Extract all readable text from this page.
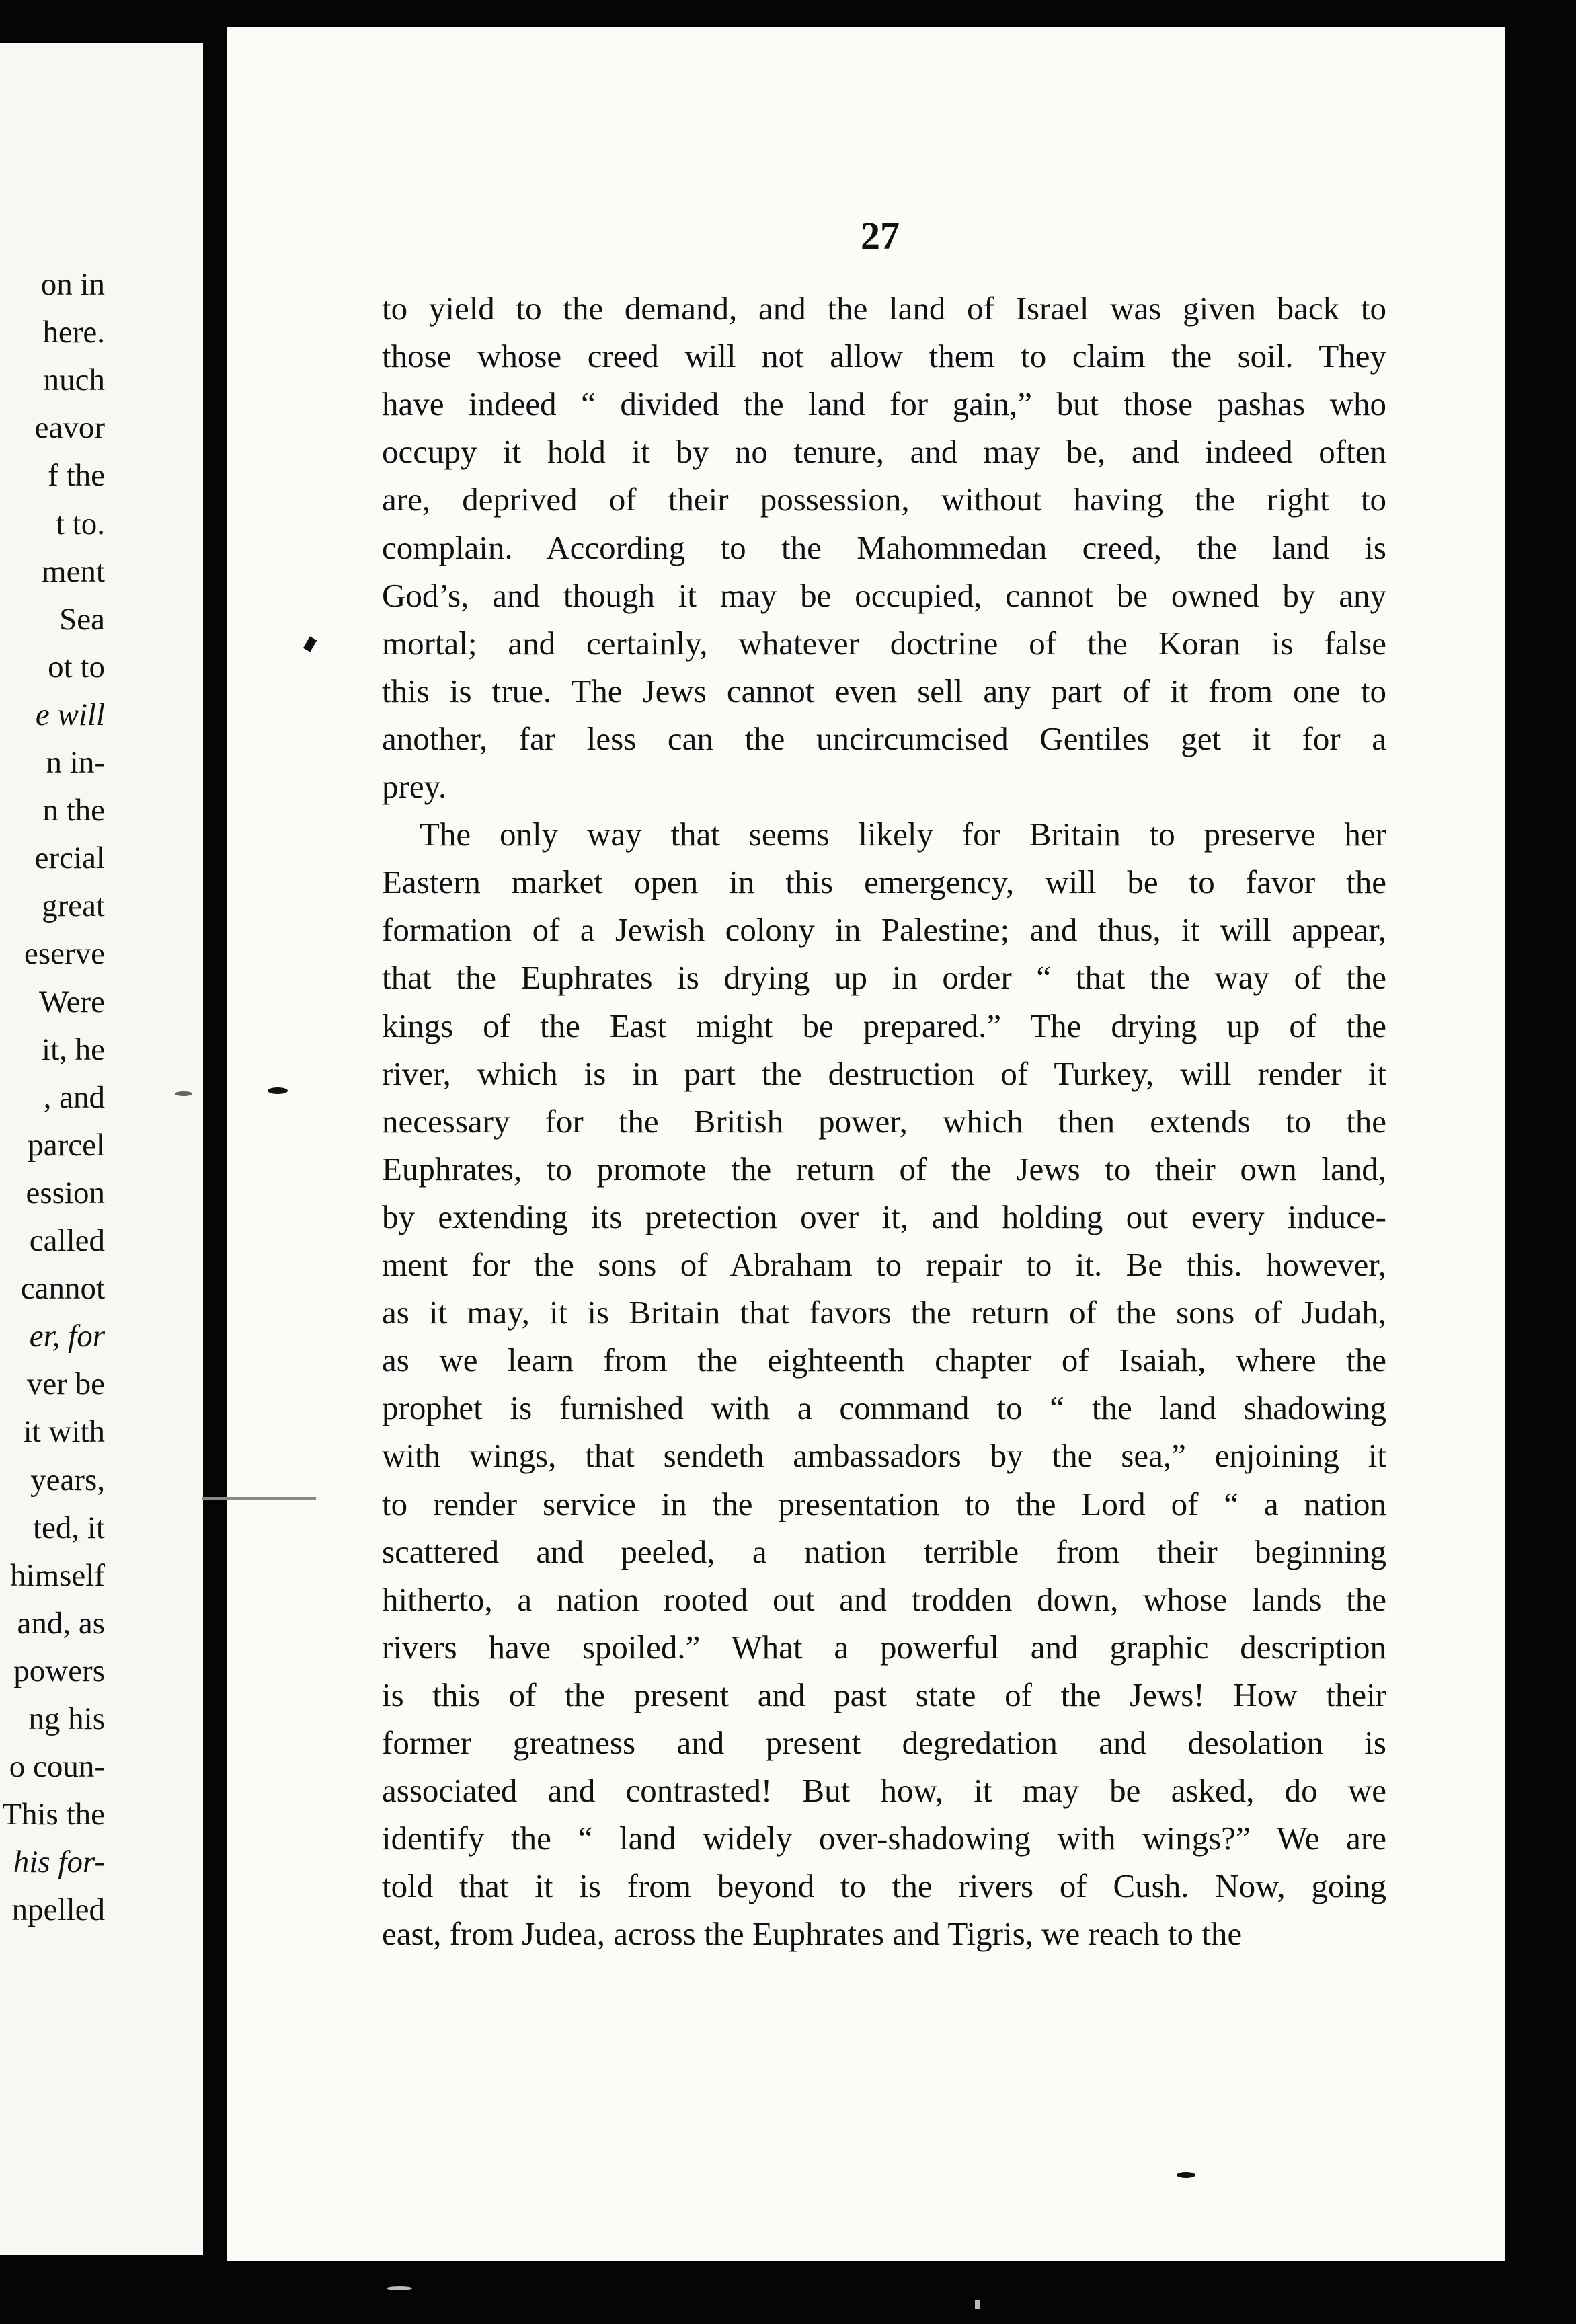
on in
here.
nuch
eavor
f the
t to.
ment
Sea
ot to
e will
n in-
n the
ercial
great
eserve
Were
it, he
, and
parcel
ession
called
cannot
er, for
ver be
it with
years,
ted, it
himself
and, as
powers
ng his
o coun-
This the
his for-
npelled
27
to yield to the demand, and the land of Israel was given back to
those whose creed will not allow them to claim the soil. They
have indeed “ divided the land for gain,” but those pashas who
occupy it hold it by no tenure, and may be, and indeed often
are, deprived of their possession, without having the right to
complain. According to the Mahommedan creed, the land is
God’s, and though it may be occupied, cannot be owned by any
mortal; and certainly, whatever doctrine of the Koran is false
this is true. The Jews cannot even sell any part of it from one to
another, far less can the uncircumcised Gentiles get it for a
prey.
The only way that seems likely for Britain to preserve her
Eastern market open in this emergency, will be to favor the
formation of a Jewish colony in Palestine; and thus, it will appear,
that the Euphrates is drying up in order “ that the way of the
kings of the East might be prepared.” The drying up of the
river, which is in part the destruction of Turkey, will render it
necessary for the British power, which then extends to the
Euphrates, to promote the return of the Jews to their own land,
by extending its pretection over it, and holding out every induce-
ment for the sons of Abraham to repair to it. Be this. however,
as it may, it is Britain that favors the return of the sons of Judah,
as we learn from the eighteenth chapter of Isaiah, where the
prophet is furnished with a command to “ the land shadowing
with wings, that sendeth ambassadors by the sea,” enjoining it
to render service in the presentation to the Lord of “ a nation
scattered and peeled, a nation terrible from their beginning
hitherto, a nation rooted out and trodden down, whose lands the
rivers have spoiled.” What a powerful and graphic description
is this of the present and past state of the Jews! How their
former greatness and present degredation and desolation is
associated and contrasted! But how, it may be asked, do we
identify the “ land widely over-shadowing with wings?” We are
told that it is from beyond to the rivers of Cush. Now, going
east, from Judea, across the Euphrates and Tigris, we reach to the
